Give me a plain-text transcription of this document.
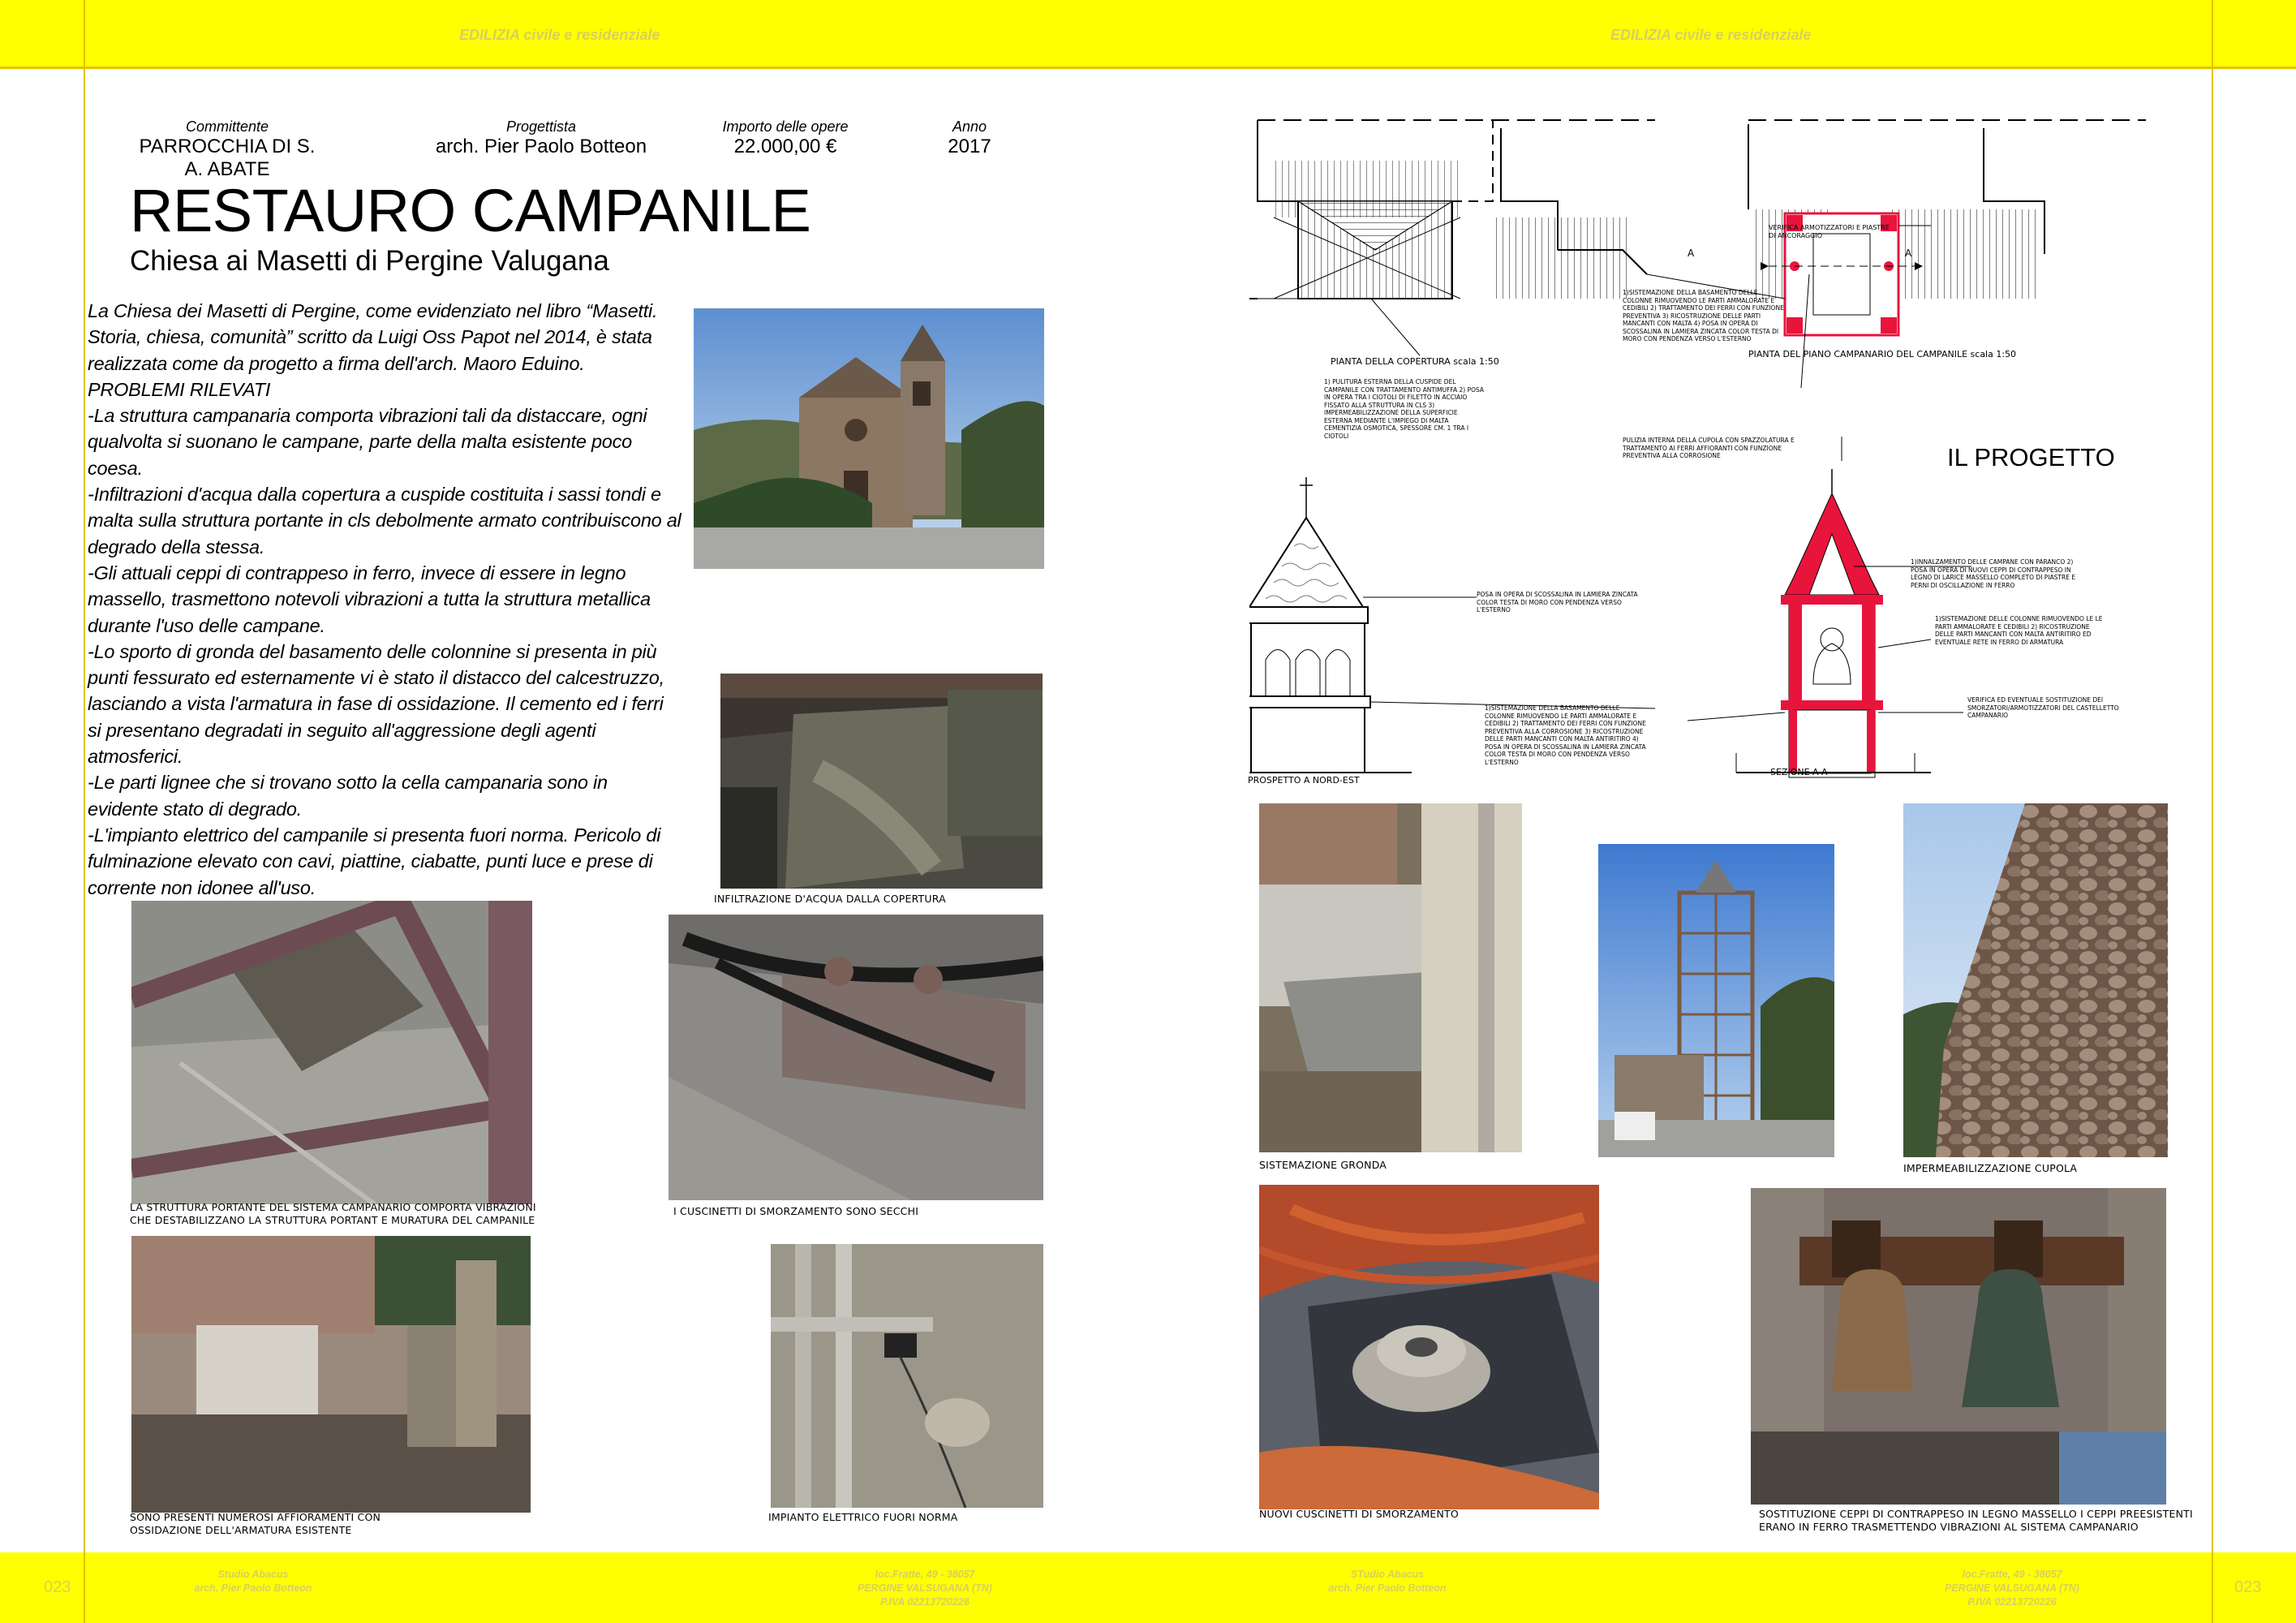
EDILIZIA civile e residenziale	EDILIZIA civile e residenziale
023	023
Studio Abacus
arch. Pier Paolo Botteon
loc.Fratte, 49 - 38057
PERGINE VALSUGANA (TN)
P.IVA 02213720226
STudio Abacus
arch. Pier Paolo Botteon
loc.Fratte, 49 - 38057
PERGINE VALSUGANA (TN)
P.IVA 02213720226
Committente
PARROCCHIA DI S. A. ABATE
Progettista
arch. Pier Paolo Botteon
Importo delle opere
22.000,00 €
Anno
2017
RESTAURO CAMPANILE
Chiesa ai Masetti di Pergine Valugana

La Chiesa dei Masetti di Pergine, come evidenziato nel libro “Masetti. Storia, chiesa, comunità” scritto da Luigi Oss Papot nel 2014, è stata realizzata come da progetto a firma dell'arch. Maoro Eduino.

PROBLEMI RILEVATI

-La struttura campanaria comporta vibrazioni tali da distaccare, ogni qualvolta si suonano le campane, parte della malta esistente poco coesa.

-Infiltrazioni d'acqua dalla copertura a cuspide costituita i sassi tondi e malta sulla struttura portante in cls debolmente armato contribuiscono al degrado della stessa.

-Gli attuali ceppi di contrappeso in ferro, invece di essere in legno massello, trasmettono notevoli vibrazioni a tutta la struttura metallica durante l'uso delle campane.

-Lo sporto di gronda del basamento delle colonnine si presenta in più punti fessurato ed esternamente vi è stato il distacco del calcestruzzo, lasciando a vista l'armatura in fase di ossidazione. Il cemento ed i ferri si presentano degradati in seguito all'aggressione degli agenti atmosferici.

-Le parti lignee che si trovano sotto la cella campanaria sono in evidente stato di degrado.

-L'impianto elettrico del campanile si presenta fuori norma. Pericolo di fulminazione elevato con cavi, piattine, ciabatte, punti luce e prese di corrente non idonee all'uso.

INFILTRAZIONE D'ACQUA DALLA COPERTURA
LA STRUTTURA PORTANTE DEL SISTEMA CAMPANARIO COMPORTA VIBRAZIONI CHE DESTABILIZZANO LA STRUTTURA PORTANT E MURATURA DEL CAMPANILE
I CUSCINETTI DI SMORZAMENTO SONO SECCHI
SONO PRESENTI NUMEROSI AFFIORAMENTI CON OSSIDAZIONE DELL'ARMATURA ESISTENTE
IMPIANTO ELETTRICO FUORI NORMA
A	A
IL PROGETTO
PIANTA DELLA COPERTURA scala 1:50
PIANTA DEL PIANO CAMPANARIO DEL CAMPANILE scala 1:50
PROSPETTO A NORD-EST
SEZIONE A-A
VERIFICA ARMOTIZZATORI E PIASTRE DI ANCORAGGIO
1)SISTEMAZIONE DELLA BASAMENTO DELLE COLONNE RIMUOVENDO LE PARTI AMMALORATE E CEDIBILI 2) TRATTAMENTO DEI FERRI CON FUNZIONE PREVENTIVA 3) RICOSTRUZIONE DELLE PARTI MANCANTI CON MALTA 4) POSA IN OPERA DI SCOSSALINA IN LAMIERA ZINCATA COLOR TESTA DI MORO CON PENDENZA VERSO L'ESTERNO
1) PULITURA ESTERNA DELLA CUSPIDE DEL CAMPANILE CON TRATTAMENTO ANTIMUFFA 2) POSA IN OPERA TRA I CIOTOLI DI FILETTO IN ACCIAIO FISSATO ALLA STRUTTURA IN CLS 3) IMPERMEABILIZZAZIONE DELLA SUPERFICIE ESTERNA MEDIANTE L'IMPIEGO DI MALTA CEMENTIZIA OSMOTICA, SPESSORE CM. 1 TRA I CIOTOLI
PULIZIA INTERNA DELLA CUPOLA CON SPAZZOLATURA E TRATTAMENTO AI FERRI AFFIORANTI CON FUNZIONE PREVENTIVA ALLA CORROSIONE
POSA IN OPERA DI SCOSSALINA IN LAMIERA ZINCATA COLOR TESTA DI MORO CON PENDENZA VERSO L'ESTERNO
1)INNALZAMENTO DELLE CAMPANE CON PARANCO 2) POSA IN OPERA DI NUOVI CEPPI DI CONTRAPPESO IN LEGNO DI LARICE MASSELLO COMPLETO DI PIASTRE E PERNI DI OSCILLAZIONE IN FERRO
1)SISTEMAZIONE DELLE COLONNE RIMUOVENDO LE LE PARTI AMMALORATE E CEDIBILI 2) RICOSTRUZIONE DELLE PARTI MANCANTI CON MALTA ANTIRITIRO ED EVENTUALE RETE IN FERRO DI ARMATURA
VERIFICA ED EVENTUALE SOSTITUZIONE DEI SMORZATORI/ARMOTIZZATORI DEL CASTELLETTO CAMPANARIO
1)SISTEMAZIONE DELLA BASAMENTO DELLE COLONNE RIMUOVENDO LE PARTI AMMALORATE E CEDIBILI 2) TRATTAMENTO DEI FERRI CON FUNZIONE PREVENTIVA ALLA CORROSIONE 3) RICOSTRUZIONE DELLE PARTI MANCANTI CON MALTA ANTIRITIRO 4) POSA IN OPERA DI SCOSSALINA IN LAMIERA ZINCATA COLOR TESTA DI MORO CON PENDENZA VERSO L'ESTERNO
SISTEMAZIONE GRONDA	IMPERMEABILIZZAZIONE CUPOLA
NUOVI CUSCINETTI DI SMORZAMENTO	SOSTITUZIONE CEPPI DI CONTRAPPESO IN LEGNO MASSELLO I CEPPI PREESISTENTI ERANO IN FERRO TRASMETTENDO VIBRAZIONI AL SISTEMA CAMPANARIO
